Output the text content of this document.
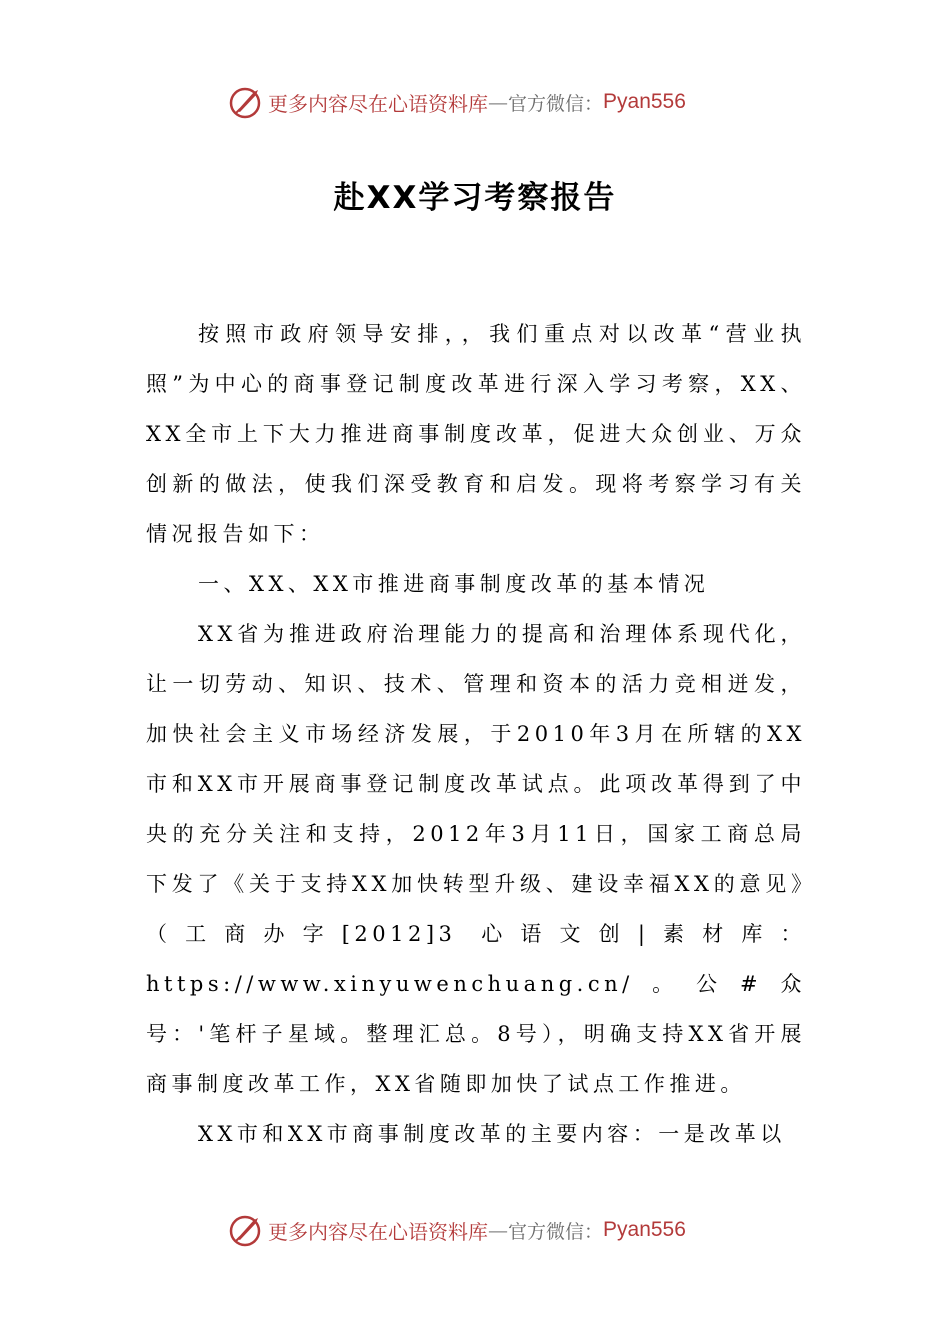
更多内容尽在心语资料库 — 官方微信： Pyan556
赴XX学习考察报告

按照市政府领导安排，，我们重点对以改革“营业执照”为中心的商事登记制度改革进行深入学习考察，XX、XX全市上下大力推进商事制度改革，促进大众创业、万众创新的做法，使我们深受教育和启发。现将考察学习有关情况报告如下：

一、XX、XX市推进商事制度改革的基本情况

XX省为推进政府治理能力的提高和治理体系现代化，让一切劳动、知识、技术、管理和资本的活力竞相迸发，加快社会主义市场经济发展，于2010年3月在所辖的XX市和XX市开展商事登记制度改革试点。此项改革得到了中央的充分关注和支持，2012年3月11日，国家工商总局下发了《关于支持XX加快转型升级、建设幸福XX的意见》（工商办字[2012]3 心语文创|素材库：https://www.xinyuwenchuang.cn/。公#众号：'笔杆子星域。整理汇总。8号），明确支持XX省开展商事制度改革工作，XX省随即加快了试点工作推进。

XX市和XX市商事制度改革的主要内容：一是改革以

更多内容尽在心语资料库 — 官方微信： Pyan556
